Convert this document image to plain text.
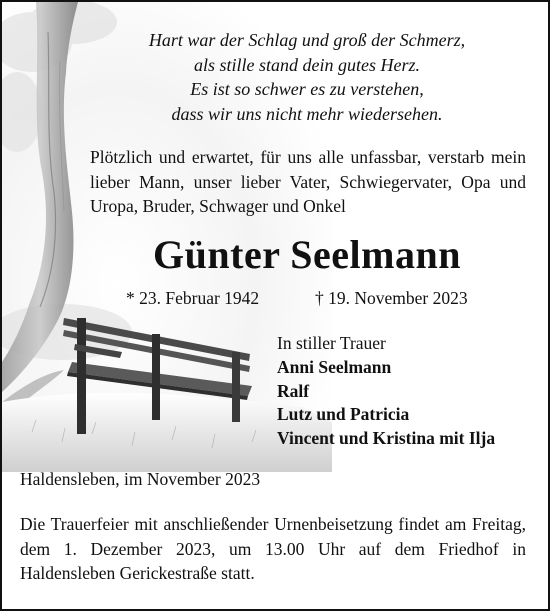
Hart war der Schlag und groß der Schmerz,
als stille stand dein gutes Herz.
Es ist so schwer es zu verstehen,
dass wir uns nicht mehr wiedersehen.
Plötzlich und erwartet, für uns alle unfassbar, verstarb mein lieber Mann, unser lieber Vater, Schwiegervater, Opa und Uropa, Bruder, Schwager und Onkel
Günter Seelmann
* 23. Februar 1942	† 19. November 2023
In stiller Trauer
Anni Seelmann
Ralf
Lutz und Patricia
Vincent und Kristina mit Ilja
Haldensleben, im November 2023
Die Trauerfeier mit anschließender Urnenbeisetzung findet am Freitag, dem 1. Dezember 2023, um 13.00 Uhr auf dem Friedhof in Haldensleben Gerickestraße statt.
